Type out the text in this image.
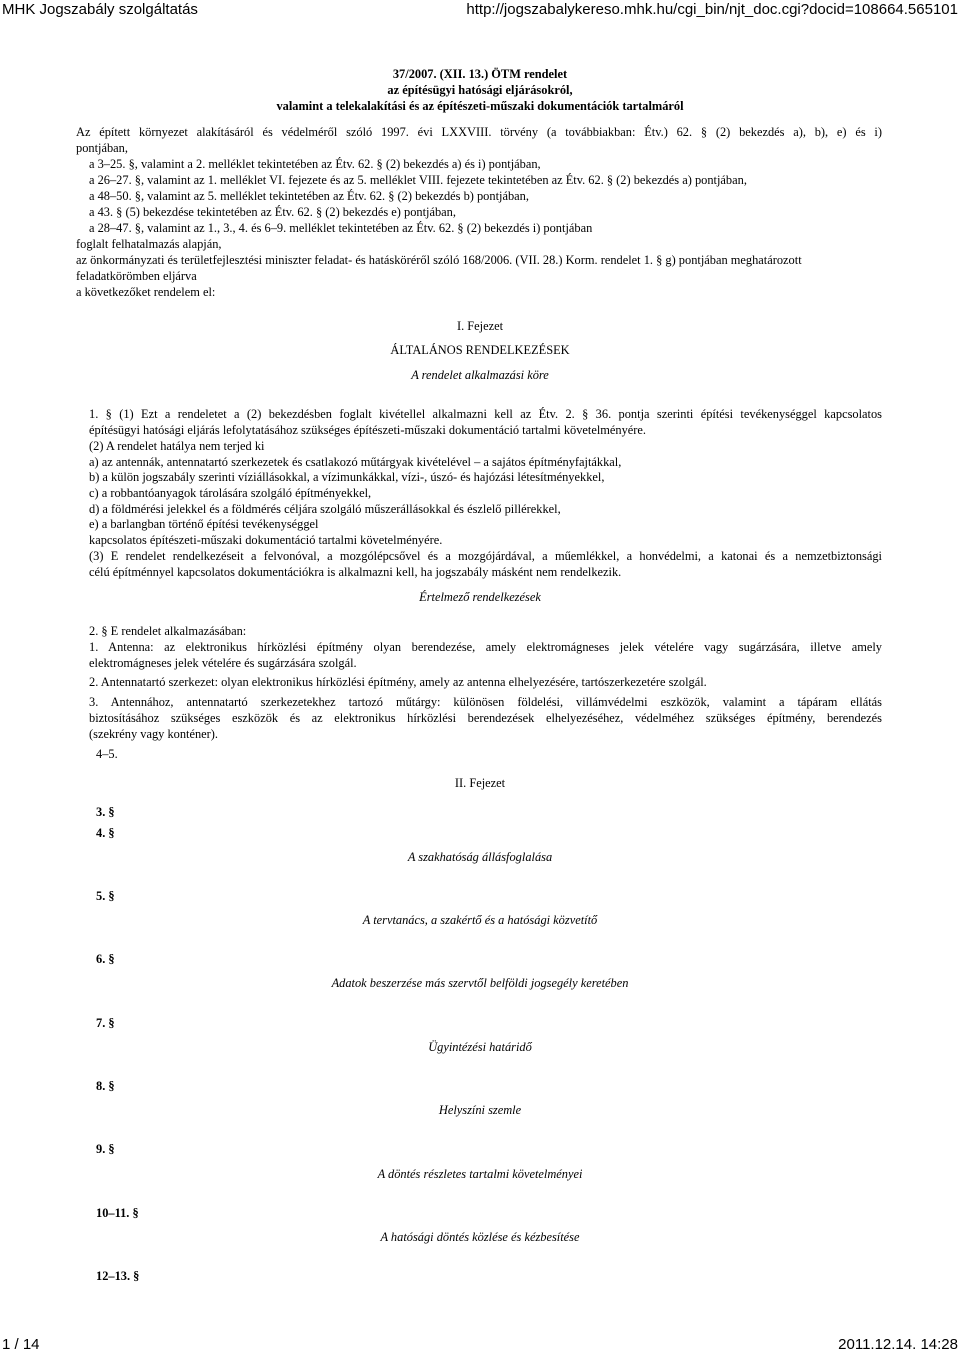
MHK Jogszabály szolgáltatás	http://jogszabalykereso.mhk.hu/cgi_bin/njt_doc.cgi?docid=108664.565101
37/2007. (XII. 13.) ÖTM rendelet
az építésügyi hatósági eljárásokról,
valamint a telekalakítási és az építészeti-műszaki dokumentációk tartalmáról
Az épített környezet alakításáról és védelméről szóló 1997. évi LXXVIII. törvény (a továbbiakban: Étv.) 62. § (2) bekezdés a), b), e) és i)
pontjában,
a 3–25. §, valamint a 2. melléklet tekintetében az Étv. 62. § (2) bekezdés a) és i) pontjában,
a 26–27. §, valamint az 1. melléklet VI. fejezete és az 5. melléklet VIII. fejezete tekintetében az Étv. 62. § (2) bekezdés a) pontjában,
a 48–50. §, valamint az 5. melléklet tekintetében az Étv. 62. § (2) bekezdés b) pontjában,
a 43. § (5) bekezdése tekintetében az Étv. 62. § (2) bekezdés e) pontjában,
a 28–47. §, valamint az 1., 3., 4. és 6–9. melléklet tekintetében az Étv. 62. § (2) bekezdés i) pontjában
foglalt felhatalmazás alapján,
az önkormányzati és területfejlesztési miniszter feladat- és hatásköréről szóló 168/2006. (VII. 28.) Korm. rendelet 1. § g) pontjában meghatározott
feladatkörömben eljárva
a következőket rendelem el:
I. Fejezet
ÁLTALÁNOS RENDELKEZÉSEK
A rendelet alkalmazási köre
1. § (1) Ezt a rendeletet a (2) bekezdésben foglalt kivétellel alkalmazni kell az Étv. 2. § 36. pontja szerinti építési tevékenységgel kapcsolatos
építésügyi hatósági eljárás lefolytatásához szükséges építészeti-műszaki dokumentáció tartalmi követelményére.
(2) A rendelet hatálya nem terjed ki
a) az antennák, antennatartó szerkezetek és csatlakozó műtárgyak kivételével – a sajátos építményfajtákkal,
b) a külön jogszabály szerinti víziállásokkal, a vízimunkákkal, vízi-, úszó- és hajózási létesítményekkel,
c) a robbantóanyagok tárolására szolgáló építményekkel,
d) a földmérési jelekkel és a földmérés céljára szolgáló műszerállásokkal és észlelő pillérekkel,
e) a barlangban történő építési tevékenységgel
kapcsolatos építészeti-műszaki dokumentáció tartalmi követelményére.
(3) E rendelet rendelkezéseit a felvonóval, a mozgólépcsővel és a mozgójárdával, a műemlékkel, a honvédelmi, a katonai és a nemzetbiztonsági
célú építménnyel kapcsolatos dokumentációkra is alkalmazni kell, ha jogszabály másként nem rendelkezik.
Értelmező rendelkezések
2. § E rendelet alkalmazásában:
1. Antenna: az elektronikus hírközlési építmény olyan berendezése, amely elektromágneses jelek vételére vagy sugárzására, illetve amely
elektromágneses jelek vételére és sugárzására szolgál.
2. Antennatartó szerkezet: olyan elektronikus hírközlési építmény, amely az antenna elhelyezésére, tartószerkezetére szolgál.
3. Antennához, antennatartó szerkezetekhez tartozó műtárgy: különösen földelési, villámvédelmi eszközök, valamint a tápáram ellátás
biztosításához szükséges eszközök és az elektronikus hírközlési berendezések elhelyezéséhez, védelméhez szükséges építmény, berendezés
(szekrény vagy konténer).
4–5.
II. Fejezet
3. §
4. §
A szakhatóság állásfoglalása
5. §
A tervtanács, a szakértő és a hatósági közvetítő
6. §
Adatok beszerzése más szervtől belföldi jogsegély keretében
7. §
Ügyintézési határidő
8. §
Helyszíni szemle
9. §
A döntés részletes tartalmi követelményei
10–11. §
A hatósági döntés közlése és kézbesítése
12–13. §
1 / 14	2011.12.14. 14:28
